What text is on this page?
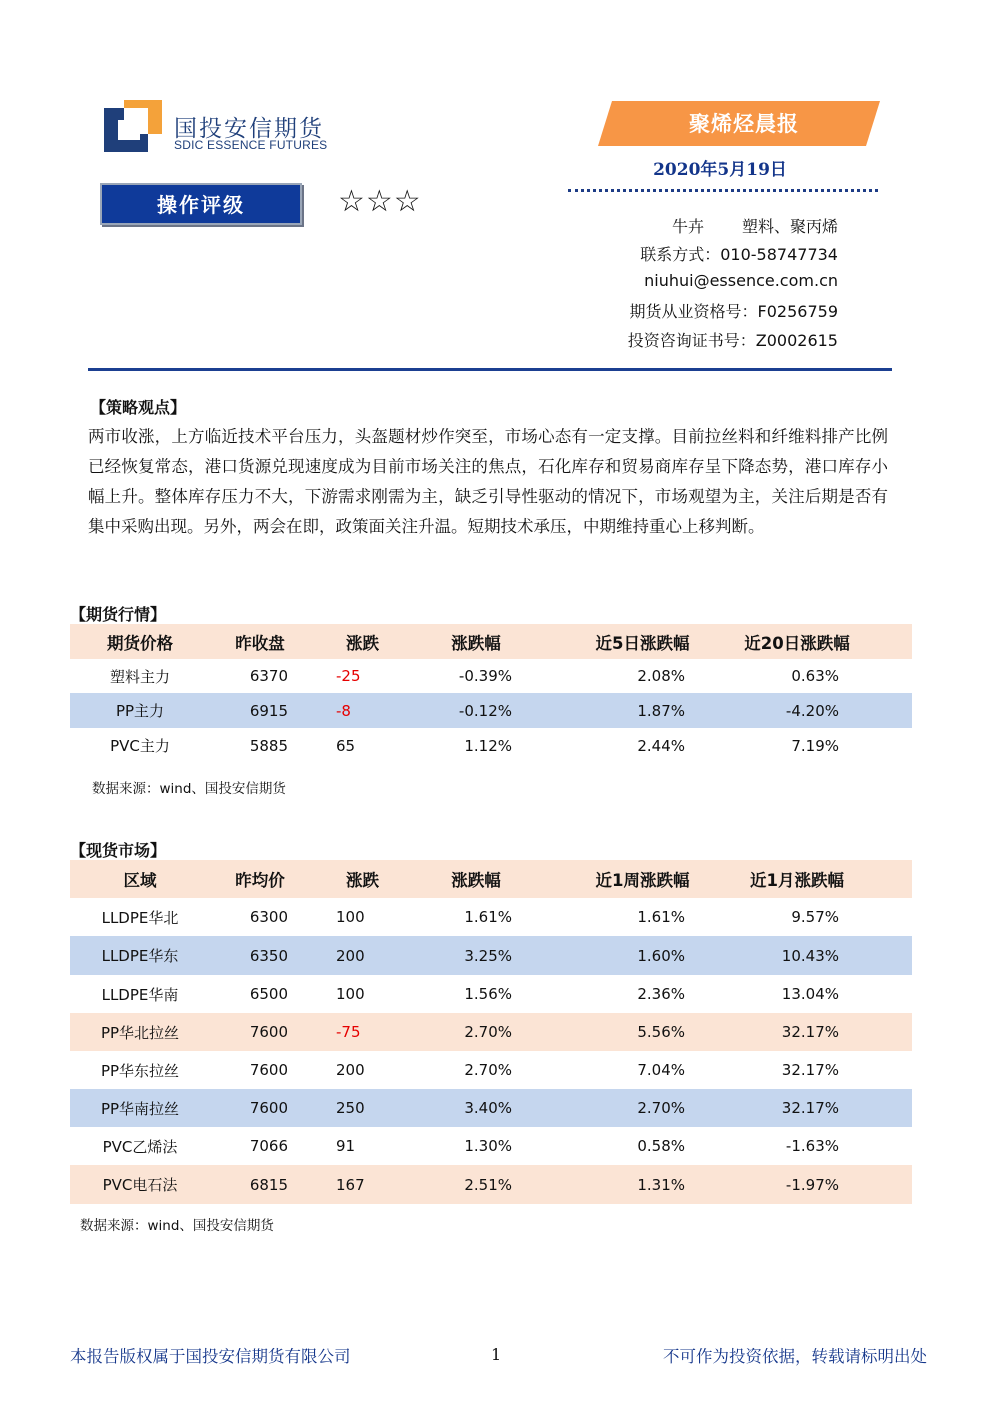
国投安信期货
SDIC ESSENCE FUTURES
聚烯烃晨报
2020年5月19日
操作评级	☆☆☆
牛卉 塑料、聚丙烯
联系方式：010-58747734
niuhui@essence.com.cn
期货从业资格号：F0256759
投资咨询证书号：Z0002615
【策略观点】
两市收涨，上方临近技术平台压力，头盔题材炒作突至，市场心态有一定支撑。目前拉丝料和纤维料排产比例已经恢复常态，港口货源兑现速度成为目前市场关注的焦点，石化库存和贸易商库存呈下降态势，港口库存小幅上升。整体库存压力不大，下游需求刚需为主，缺乏引导性驱动的情况下，市场观望为主，关注后期是否有集中采购出现。另外，两会在即，政策面关注升温。短期技术承压，中期维持重心上移判断。
【期货行情】
期货价格	昨收盘	涨跌	涨跌幅	近5日涨跌幅	近20日涨跌幅
塑料主力	6370	-25	-0.39%	2.08%	0.63%
PP主力	6915	-8	-0.12%	1.87%	-4.20%
PVC主力	5885	65	1.12%	2.44%	7.19%
数据来源：wind、国投安信期货
【现货市场】
区域	昨均价	涨跌	涨跌幅	近1周涨跌幅	近1月涨跌幅
LLDPE华北	6300	100	1.61%	1.61%	9.57%
LLDPE华东	6350	200	3.25%	1.60%	10.43%
LLDPE华南	6500	100	1.56%	2.36%	13.04%
PP华北拉丝	7600	-75	2.70%	5.56%	32.17%
PP华东拉丝	7600	200	2.70%	7.04%	32.17%
PP华南拉丝	7600	250	3.40%	2.70%	32.17%
PVC乙烯法	7066	91	1.30%	0.58%	-1.63%
PVC电石法	6815	167	2.51%	1.31%	-1.97%
数据来源：wind、国投安信期货
本报告版权属于国投安信期货有限公司	1	不可作为投资依据，转载请标明出处
